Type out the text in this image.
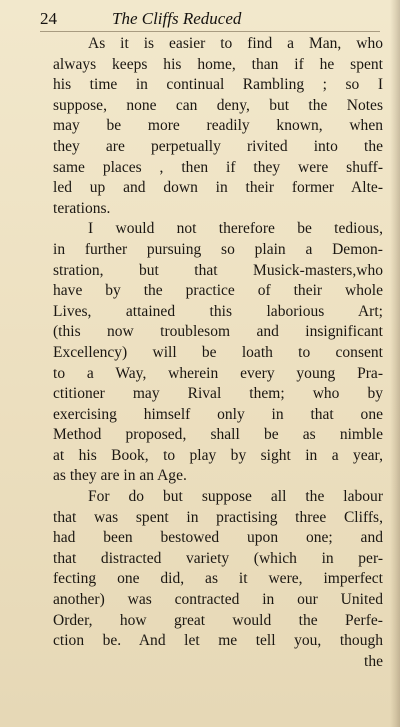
24	The Cliffs Reduced
As it is easier to find a Man, who
always keeps his home, than if he spent
his time in continual Rambling ; so I
suppose, none can deny, but the Notes
may be more readily known, when
they are perpetually rivited into the
same places , then if they were shuff-
led up and down in their former Alte-
terations.
I would not therefore be tedious,
in further pursuing so plain a Demon-
stration, but that Musick-masters,who
have by the practice of their whole
Lives, attained this laborious Art;
(this now troublesom and insignificant
Excellency) will be loath to consent
to a Way, wherein every young Pra-
ctitioner may Rival them; who by
exercising himself only in that one
Method proposed, shall be as nimble
at his Book, to play by sight in a year,
as they are in an Age.
For do but suppose all the labour
that was spent in practising three Cliffs,
had been bestowed upon one; and
that distracted variety (which in per-
fecting one did, as it were, imperfect
another) was contracted in our United
Order, how great would the Perfe-
ction be. And let me tell you, though
the
